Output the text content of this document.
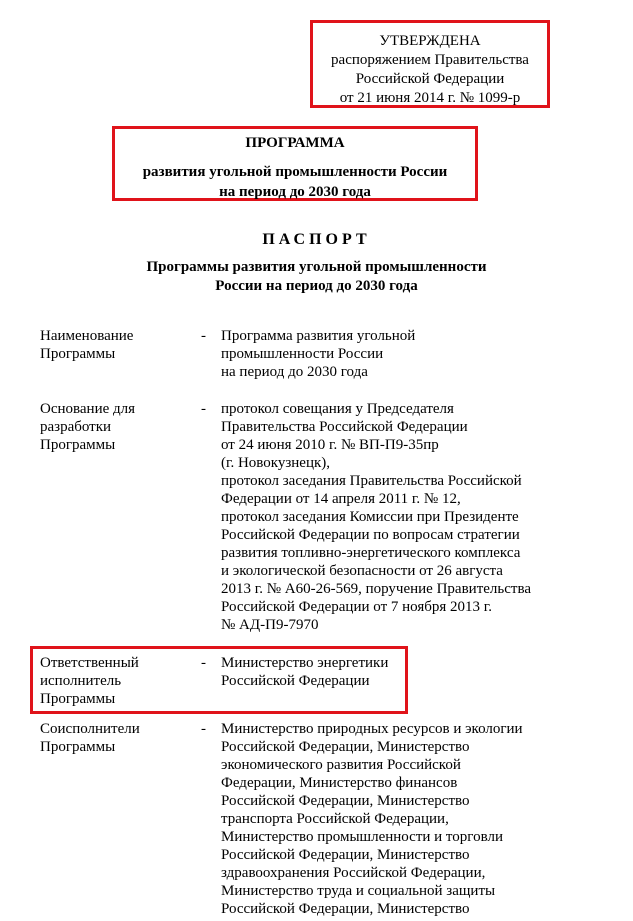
УТВЕРЖДЕНА
распоряжением Правительства
Российской Федерации
от 21 июня 2014 г. № 1099-р
ПРОГРАММА
развития угольной промышленности России
на период до 2030 года
ПАСПОРТ
Программы развития угольной промышленности
России на период до 2030 года
Наименование
Программы
- Программа развития угольной
промышленности России
на период до 2030 года
Основание для
разработки
Программы
- протокол совещания у Председателя
Правительства Российской Федерации
от 24 июня 2010 г. № ВП-П9-35пр
(г. Новокузнецк),
протокол заседания Правительства Российской
Федерации от 14 апреля 2011 г. № 12,
протокол заседания Комиссии при Президенте
Российской Федерации по вопросам стратегии
развития топливно-энергетического комплекса
и экологической безопасности от 26 августа
2013 г. № А60-26-569, поручение Правительства
Российской Федерации от 7 ноября 2013 г.
№ АД-П9-7970
Ответственный
исполнитель
Программы
- Министерство энергетики
Российской Федерации
Соисполнители
Программы
- Министерство природных ресурсов и экологии
Российской Федерации, Министерство
экономического развития Российской
Федерации, Министерство финансов
Российской Федерации, Министерство
транспорта Российской Федерации,
Министерство промышленности и торговли
Российской Федерации, Министерство
здравоохранения Российской Федерации,
Министерство труда и социальной защиты
Российской Федерации, Министерство
